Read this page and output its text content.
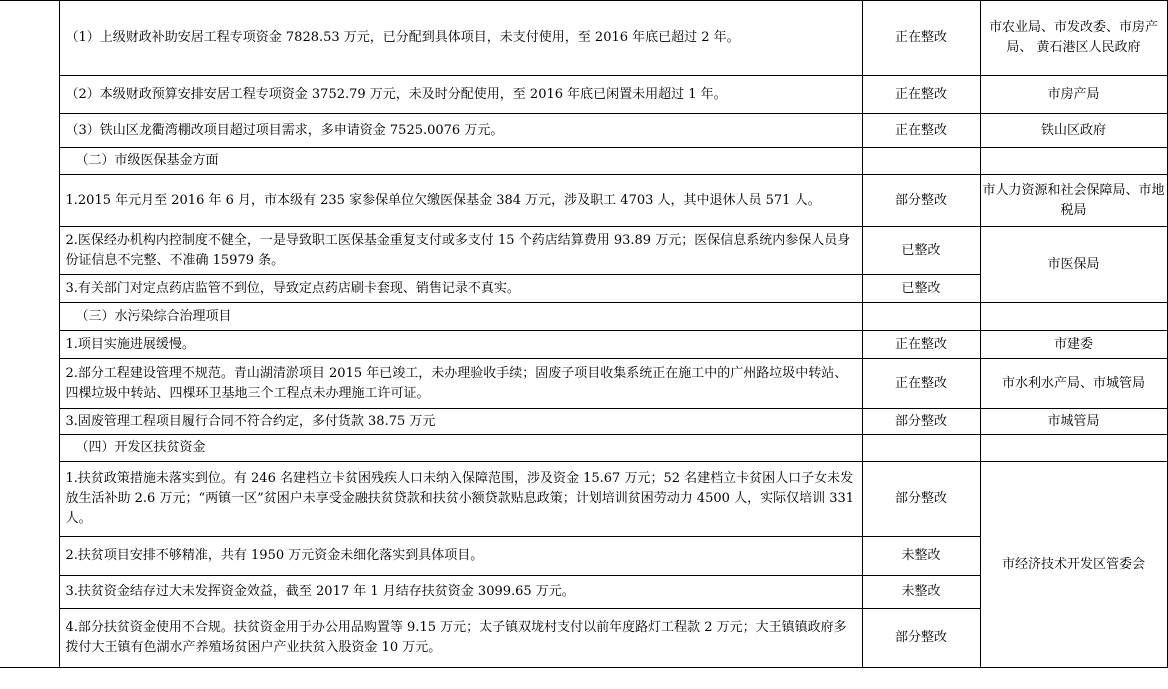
	（1）上级财政补助安居工程专项资金 7828.53 万元，已分配到具体项目，未支付使用，至 2016 年底已超过 2 年。	正在整改	市农业局、市发改委、市房产局、 黄石港区人民政府
	（2）本级财政预算安排安居工程专项资金 3752.79 万元，未及时分配使用，至 2016 年底已闲置未用超过 1 年。	正在整改	市房产局
	（3）铁山区龙衢湾棚改项目超过项目需求，多申请资金 7525.0076 万元。	正在整改	铁山区政府
	（二）市级医保基金方面		
	1.2015 年元月至 2016 年 6 月，市本级有 235 家参保单位欠缴医保基金 384 万元，涉及职工 4703 人，其中退休人员 571 人。	部分整改	市人力资源和社会保障局、市地税局
	2.医保经办机构内控制度不健全，一是导致职工医保基金重复支付或多支付 15 个药店结算费用 93.89 万元；医保信息系统内参保人员身份证信息不完整、不准确 15979 条。	已整改	市医保局
	3.有关部门对定点药店监管不到位，导致定点药店刷卡套现、销售记录不真实。	已整改	
	（三）水污染综合治理项目		
	1.项目实施进展缓慢。	正在整改	市建委
	2.部分工程建设管理不规范。青山湖清淤项目 2015 年已竣工，未办理验收手续；固废子项目收集系统正在施工中的广州路垃圾中转站、四棵垃圾中转站、四棵环卫基地三个工程点未办理施工许可证。	正在整改	市水利水产局、市城管局
	3.固废管理工程项目履行合同不符合约定，多付货款 38.75 万元	部分整改	市城管局
	（四）开发区扶贫资金		
	1.扶贫政策措施未落实到位。有 246 名建档立卡贫困残疾人口未纳入保障范围，涉及资金 15.67 万元；52 名建档立卡贫困人口子女未发放生活补助 2.6 万元；“两镇一区”贫困户未享受金融扶贫贷款和扶贫小额贷款贴息政策；计划培训贫困劳动力 4500 人，实际仅培训 331 人。	部分整改	市经济技术开发区管委会
	2.扶贫项目安排不够精准，共有 1950 万元资金未细化落实到具体项目。	未整改	
	3.扶贫资金结存过大未发挥资金效益，截至 2017 年 1 月结存扶贫资金 3099.65 万元。	未整改	
	4.部分扶贫资金使用不合规。扶贫资金用于办公用品购置等 9.15 万元；太子镇双垅村支付以前年度路灯工程款 2 万元；大王镇镇政府多拨付大王镇有色湖水产养殖场贫困户产业扶贫入股资金 10 万元。	部分整改	
